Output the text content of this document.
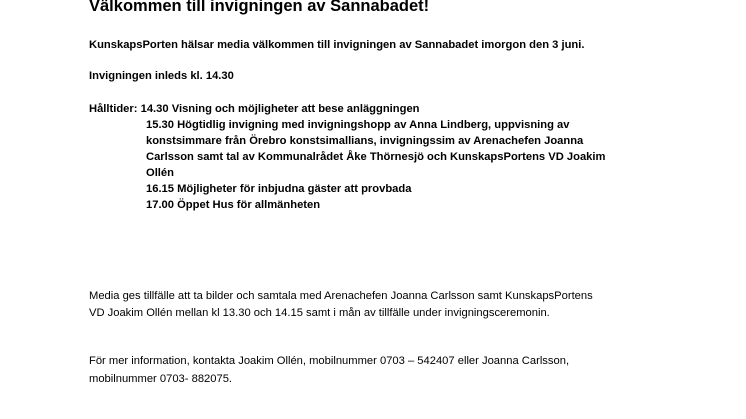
Välkommen till invigningen av Sannabadet!
KunskapsPorten hälsar media välkommen till invigningen av Sannabadet imorgon den 3 juni.
Invigningen inleds kl. 14.30
Hålltider: 14.30 Visning och möjligheter att bese anläggningen
15.30 Högtidlig invigning med invigningshopp av Anna Lindberg, uppvisning av
konstsimmare från Örebro konstsimallians, invigningssim av Arenachefen Joanna
Carlsson samt tal av Kommunalrådet Åke Thörnesjö och KunskapsPortens VD Joakim
Ollén
16.15 Möjligheter för inbjudna gäster att provbada
17.00 Öppet Hus för allmänheten
Media ges tillfälle att ta bilder och samtala med Arenachefen Joanna Carlsson samt KunskapsPortens
VD Joakim Ollén mellan kl 13.30 och 14.15 samt i mån av tillfälle under invigningsceremonin.
För mer information, kontakta Joakim Ollén, mobilnummer 0703 – 542407 eller Joanna Carlsson,
mobilnummer 0703- 882075.
